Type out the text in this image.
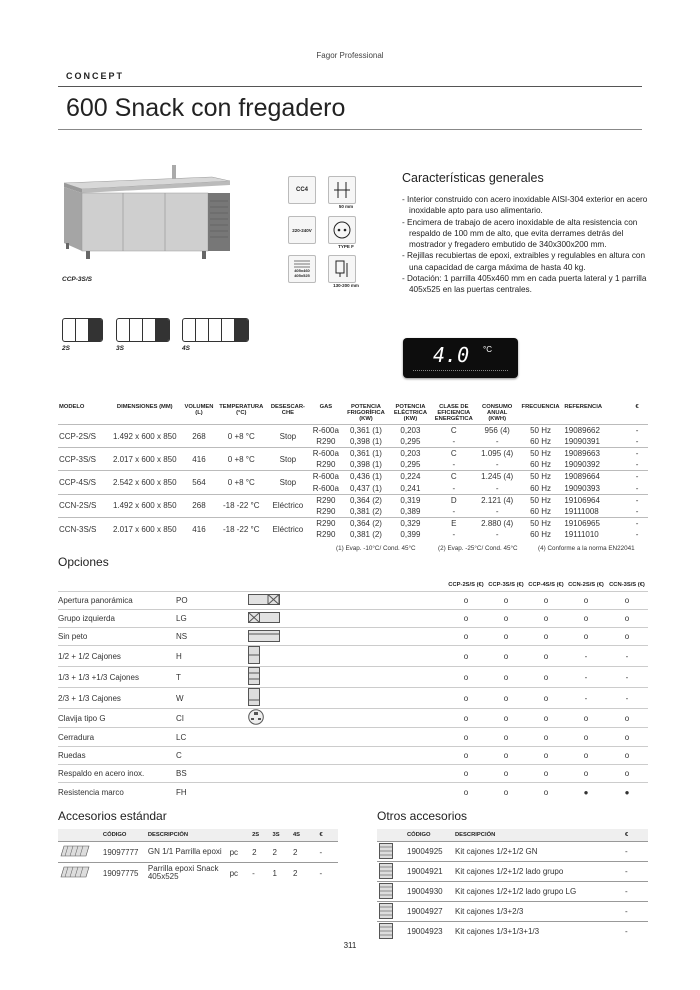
Fagor Professional
CONCEPT
600 Snack con fregadero
CCP-3S/S
CC4
50 mm
220-240V
TYPE F
405x460 405x525
130-200 mm
Características generales
- Interior construido con acero inoxidable AISI-304 exterior en acero inoxidable apto para uso alimentario.
- Encimera de trabajo de acero inoxidable de alta resistencia con respaldo de 100 mm de alto, que evita derrames detrás del mostrador y fregadero embutido de 340x300x200 mm.
- Rejillas recubiertas de epoxi, extraibles y regulables en altura con una capacidad de carga máxima de hasta 40 kg.
- Dotación: 1 parrilla 405x460 mm en cada puerta lateral y 1 parrilla 405x525 en las puertas centrales.
2S	3S	4S	4.0 °C
MODELO	DIMENSIONES (MM)	VOLUMEN (L)	TEMPERATURA (°C)	DESESCAR- CHE	GAS	POTENCIA FRIGORÍFICA (KW)	POTENCIA ELÉCTRICA (KW)	CLASE DE EFICIENCIA ENERGÉTICA	CONSUMO ANUAL (KWH)	FRECUENCIA	REFERENCIA	€
CCP-2S/S	1.492 x 600 x 850	268	0 +8 °C	Stop	R-600a	0,361 (1)	0,203	C	956 (4)	50 Hz	19089662	-
					R290	0,398 (1)	0,295	-	-	60 Hz	19090391	-
CCP-3S/S	2.017 x 600 x 850	416	0 +8 °C	Stop	R-600a	0,361 (1)	0,203	C	1.095 (4)	50 Hz	19089663	-
					R290	0,398 (1)	0,295	-	-	60 Hz	19090392	-
CCP-4S/S	2.542 x 600 x 850	564	0 +8 °C	Stop	R-600a	0,436 (1)	0,224	C	1.245 (4)	50 Hz	19089664	-
					R-600a	0,437 (1)	0,241	-	-	60 Hz	19090393	-
CCN-2S/S	1.492 x 600 x 850	268	-18 -22 °C	Eléctrico	R290	0,364 (2)	0,319	D	2.121 (4)	50 Hz	19106964	-
					R290	0,381 (2)	0,389	-	-	60 Hz	19111008	-
CCN-3S/S	2.017 x 600 x 850	416	-18 -22 °C	Eléctrico	R290	0,364 (2)	0,329	E	2.880 (4)	50 Hz	19106965	-
					R290	0,381 (2)	0,399	-	-	60 Hz	19111010	-
(1) Evap. -10°C/ Cond. 45°C	(2) Evap. -25°C/ Cond. 45°C	(4) Conforme a la norma EN22041
Opciones
			CCP-2S/S (€)	CCP-3S/S (€)	CCP-4S/S (€)	CCN-2S/S (€)	CCN-3S/S (€)
Apertura panorámica	PO		o	o	o	o	o
Grupo izquierda	LG		o	o	o	o	o
Sin peto	NS		o	o	o	o	o
1/2 + 1/2 Cajones	H		o	o	o	-	-
1/3 + 1/3 +1/3 Cajones	T		o	o	o	-	-
2/3 + 1/3 Cajones	W		o	o	o	-	-
Clavija tipo G	CI		o	o	o	o	o
Cerradura	LC		o	o	o	o	o
Ruedas	C		o	o	o	o	o
Respaldo en acero inox.	BS		o	o	o	o	o
Resistencia marco	FH		o	o	o	●	●
Accesorios estándar
	CÓDIGO	DESCRIPCIÓN		2S	3S	4S	€
	19097777	GN 1/1 Parrilla epoxi	pc	2	2	2	-
	19097775	Parrilla epoxi Snack 405x525	pc	-	1	2	-
Otros accesorios
	CÓDIGO	DESCRIPCIÓN	€
	19004925	Kit cajones 1/2+1/2 GN	-
	19004921	Kit cajones 1/2+1/2 lado grupo	-
	19004930	Kit cajones 1/2+1/2 lado grupo LG	-
	19004927	Kit cajones 1/3+2/3	-
	19004923	Kit cajones 1/3+1/3+1/3	-
311
